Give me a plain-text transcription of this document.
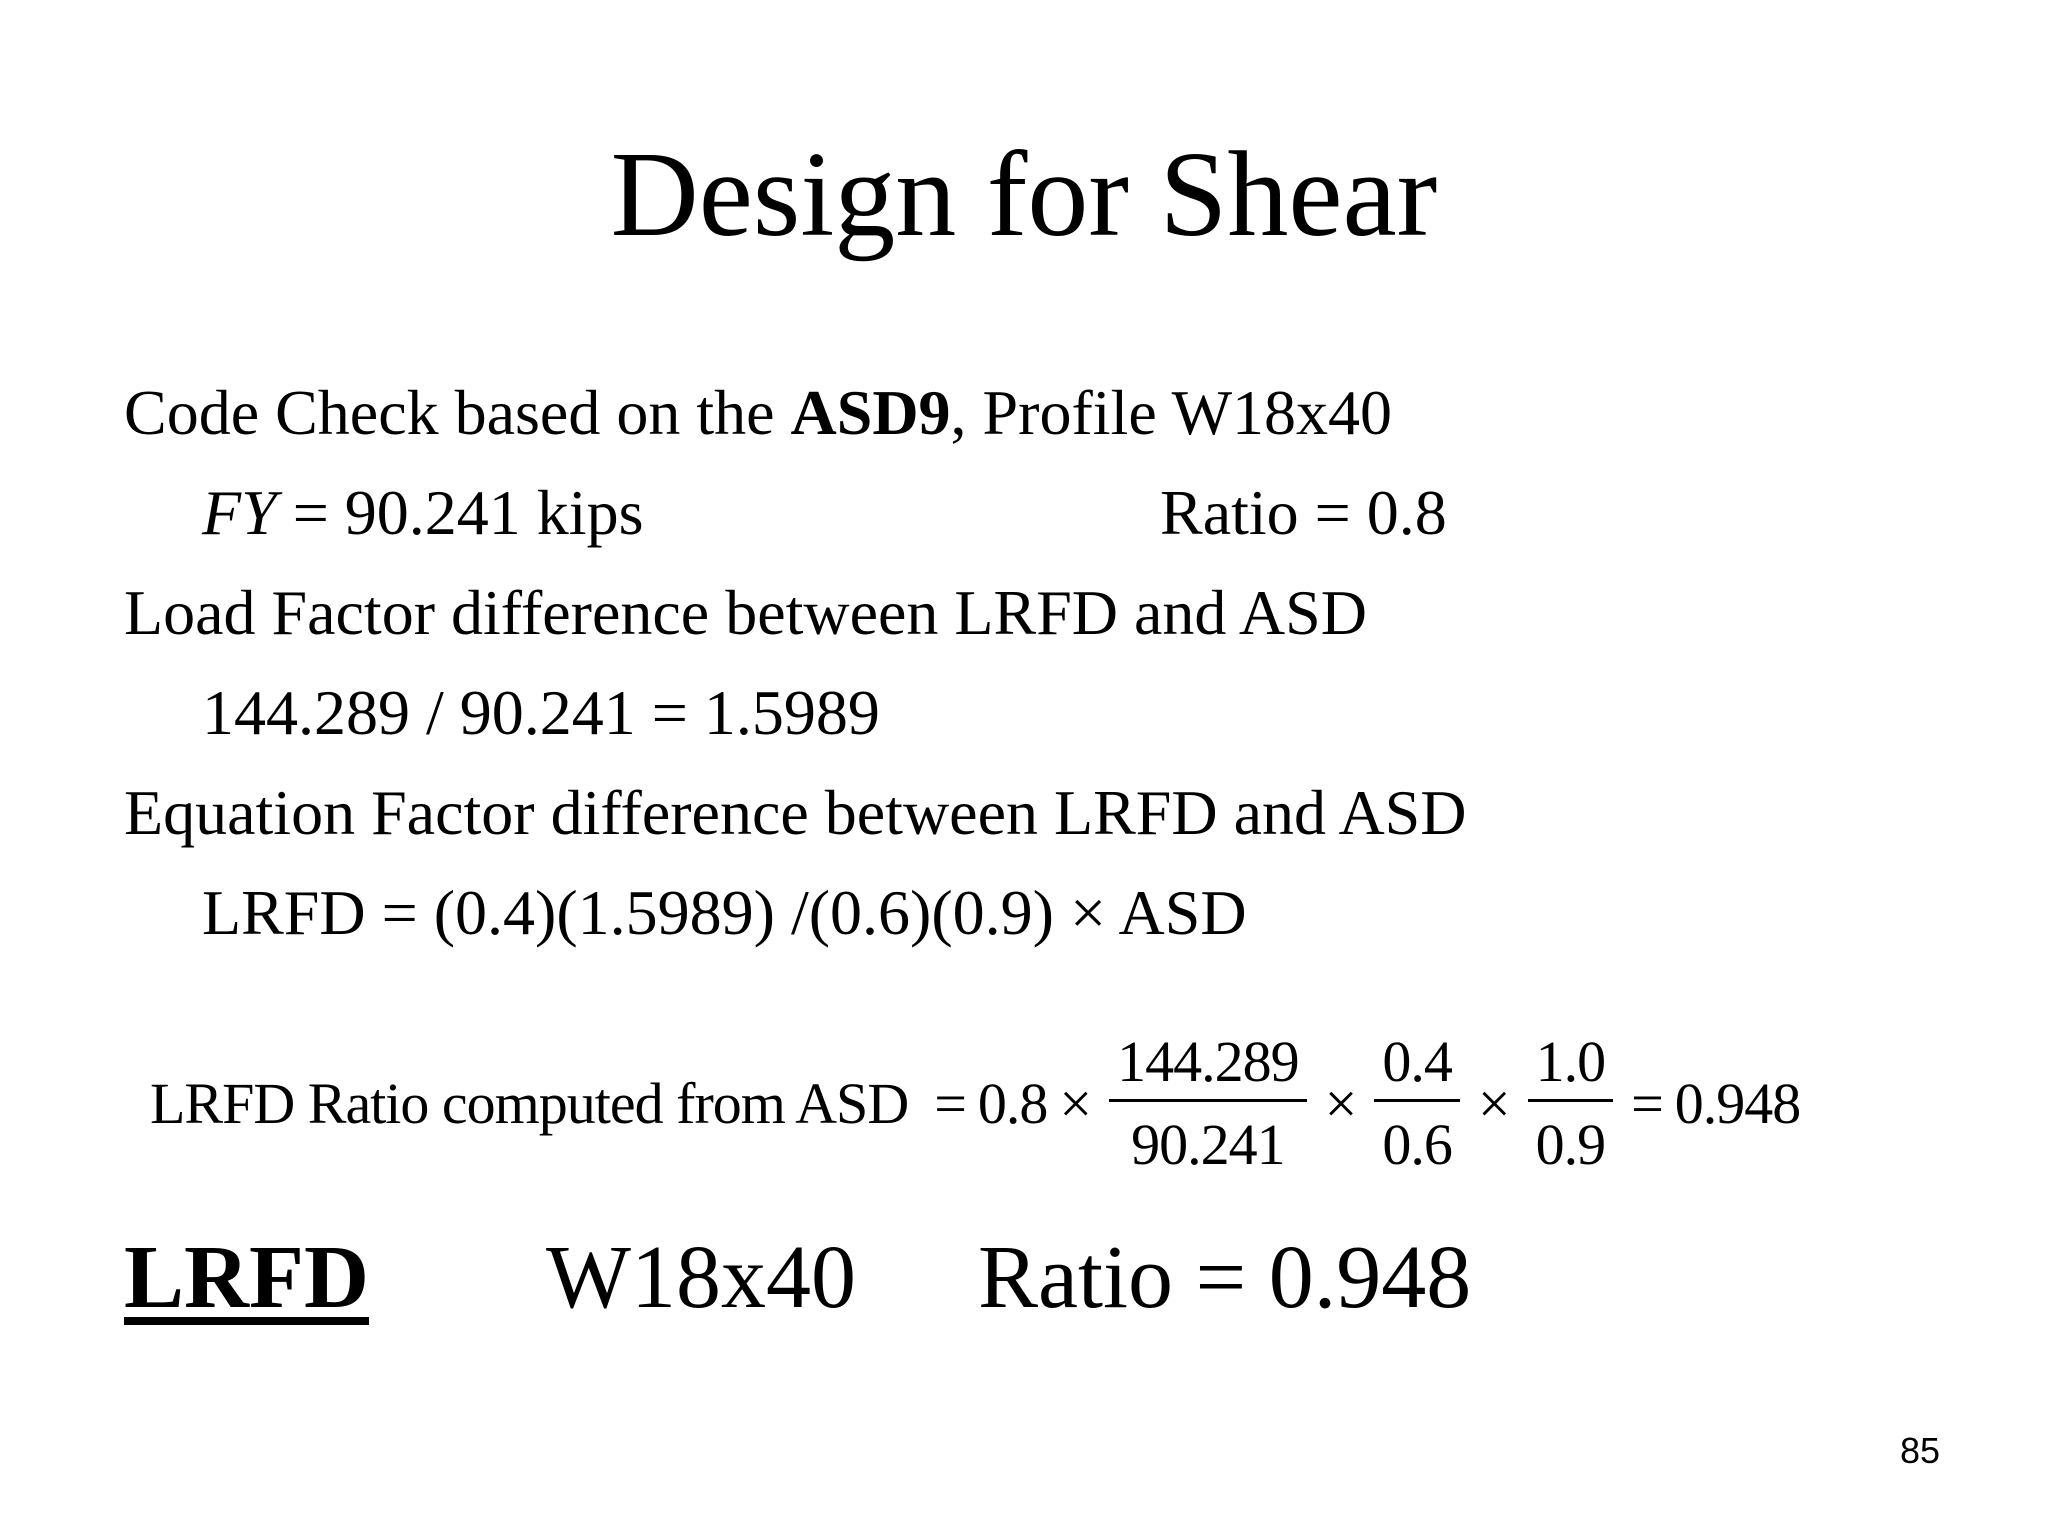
Design for Shear
Code Check based on the ASD9, Profile W18x40
FY = 90.241 kips	Ratio = 0.8
Load Factor difference between LRFD and ASD
144.289 / 90.241 = 1.5989
Equation Factor difference between LRFD and ASD
LRFD = (0.4)(1.5989) /(0.6)(0.9) × ASD
LRFD Ratio computed from ASD = $0.8 \times \frac{144.289}{90.241} \times \frac{0.4}{0.6} \times \frac{1.0}{0.9} = 0.948$
LRFD W18x40 Ratio = 0.948
85
